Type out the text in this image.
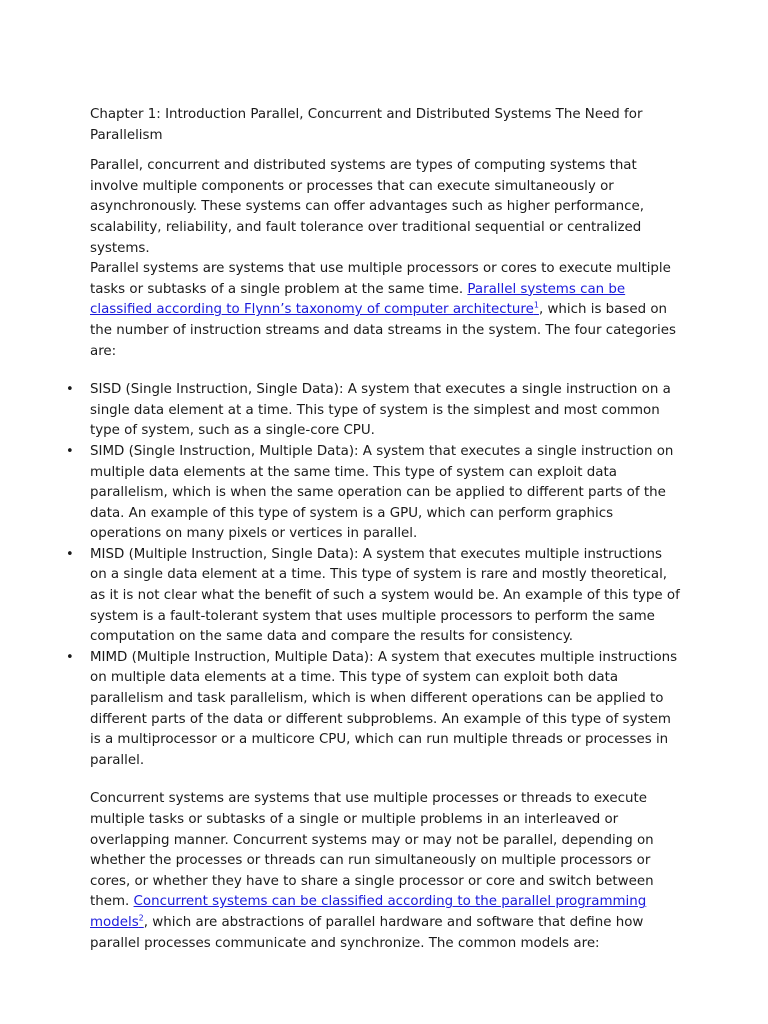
Chapter 1: Introduction Parallel, Concurrent and Distributed Systems The Need for Parallelism

Parallel, concurrent and distributed systems are types of computing systems that involve multiple components or processes that can execute simultaneously or asynchronously. These systems can offer advantages such as higher performance, scalability, reliability, and fault tolerance over traditional sequential or centralized systems.

Parallel systems are systems that use multiple processors or cores to execute multiple tasks or subtasks of a single problem at the same time. Parallel systems can be classified according to Flynn’s taxonomy of computer architecture$^1$, which is based on the number of instruction streams and data streams in the system. The four categories are:

• SISD (Single Instruction, Single Data): A system that executes a single instruction on a single data element at a time. This type of system is the simplest and most common type of system, such as a single-core CPU.
• SIMD (Single Instruction, Multiple Data): A system that executes a single instruction on multiple data elements at the same time. This type of system can exploit data parallelism, which is when the same operation can be applied to different parts of the data. An example of this type of system is a GPU, which can perform graphics operations on many pixels or vertices in parallel.
• MISD (Multiple Instruction, Single Data): A system that executes multiple instructions on a single data element at a time. This type of system is rare and mostly theoretical, as it is not clear what the benefit of such a system would be. An example of this type of system is a fault-tolerant system that uses multiple processors to perform the same computation on the same data and compare the results for consistency.
• MIMD (Multiple Instruction, Multiple Data): A system that executes multiple instructions on multiple data elements at a time. This type of system can exploit both data parallelism and task parallelism, which is when different operations can be applied to different parts of the data or different subproblems. An example of this type of system is a multiprocessor or a multicore CPU, which can run multiple threads or processes in parallel.

Concurrent systems are systems that use multiple processes or threads to execute multiple tasks or subtasks of a single or multiple problems in an interleaved or overlapping manner. Concurrent systems may or may not be parallel, depending on whether the processes or threads can run simultaneously on multiple processors or cores, or whether they have to share a single processor or core and switch between them. Concurrent systems can be classified according to the parallel programming models$^2$, which are abstractions of parallel hardware and software that define how parallel processes communicate and synchronize. The common models are:
